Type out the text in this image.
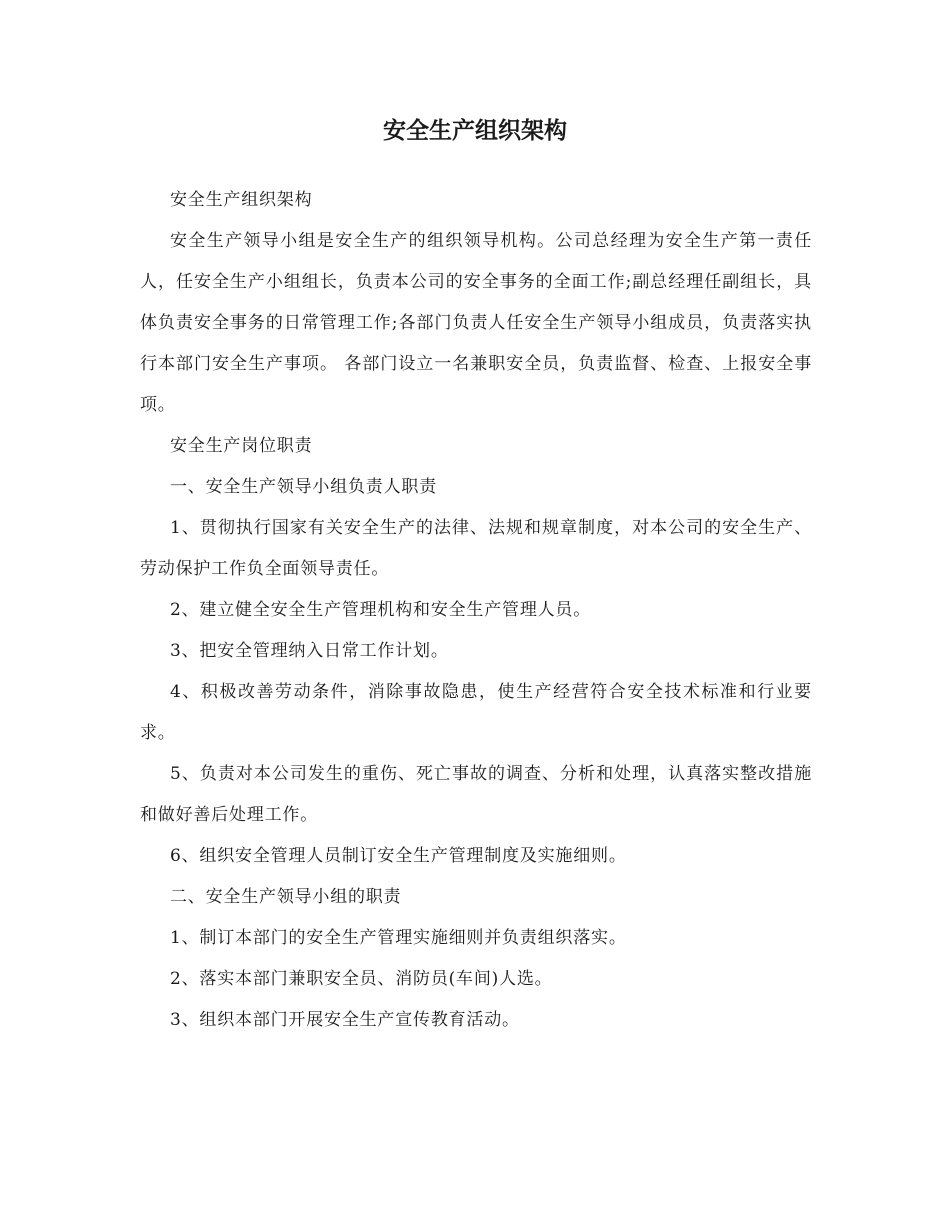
安全生产组织架构

安全生产组织架构

安全生产领导小组是安全生产的组织领导机构。公司总经理为安全生产第一责任人，任安全生产小组组长，负责本公司的安全事务的全面工作;副总经理任副组长，具体负责安全事务的日常管理工作;各部门负责人任安全生产领导小组成员，负责落实执行本部门安全生产事项。 各部门设立一名兼职安全员，负责监督、检查、上报安全事项。

安全生产岗位职责

一、安全生产领导小组负责人职责

1、贯彻执行国家有关安全生产的法律、法规和规章制度，对本公司的安全生产、劳动保护工作负全面领导责任。

2、建立健全安全生产管理机构和安全生产管理人员。

3、把安全管理纳入日常工作计划。

4、积极改善劳动条件，消除事故隐患，使生产经营符合安全技术标准和行业要求。

5、负责对本公司发生的重伤、死亡事故的调查、分析和处理，认真落实整改措施和做好善后处理工作。

6、组织安全管理人员制订安全生产管理制度及实施细则。

二、安全生产领导小组的职责

1、制订本部门的安全生产管理实施细则并负责组织落实。

2、落实本部门兼职安全员、消防员(车间)人选。

3、组织本部门开展安全生产宣传教育活动。
